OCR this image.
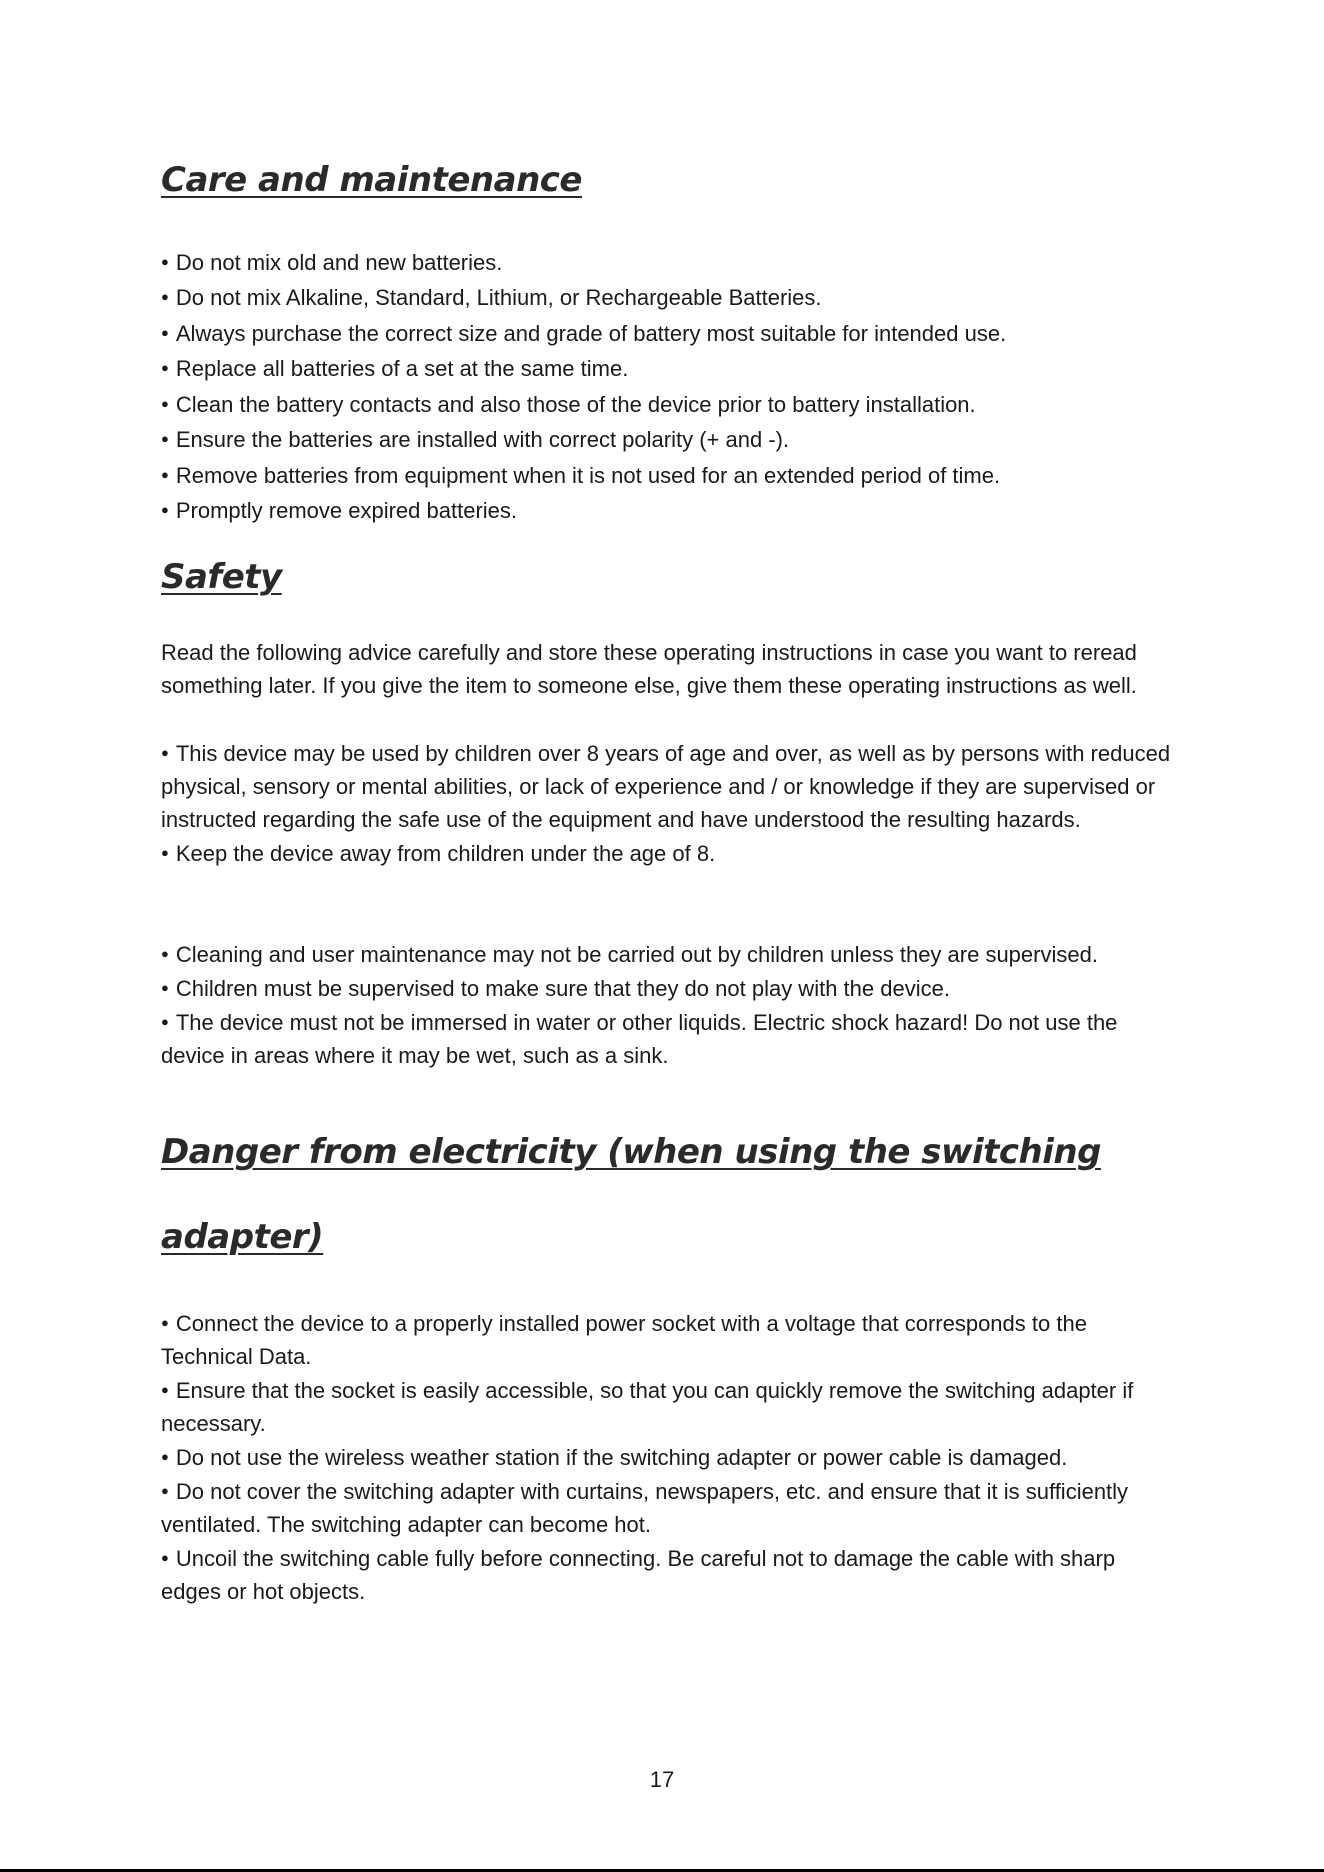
Care and maintenance

● Do not mix old and new batteries.

● Do not mix Alkaline, Standard, Lithium, or Rechargeable Batteries.

● Always purchase the correct size and grade of battery most suitable for intended use.

● Replace all batteries of a set at the same time.

● Clean the battery contacts and also those of the device prior to battery installation.

● Ensure the batteries are installed with correct polarity (+ and -).

● Remove batteries from equipment when it is not used for an extended period of time.

● Promptly remove expired batteries.

Safety

Read the following advice carefully and store these operating instructions in case you want to reread something later. If you give the item to someone else, give them these operating instructions as well.

● This device may be used by children over 8 years of age and over, as well as by persons with reduced physical, sensory or mental abilities, or lack of experience and / or knowledge if they are supervised or instructed regarding the safe use of the equipment and have understood the resulting hazards.

● Keep the device away from children under the age of 8.

● Cleaning and user maintenance may not be carried out by children unless they are supervised.

● Children must be supervised to make sure that they do not play with the device.

● The device must not be immersed in water or other liquids. Electric shock hazard! Do not use the device in areas where it may be wet, such as a sink.

Danger from electricity (when using the switching
adapter)

● Connect the device to a properly installed power socket with a voltage that corresponds to the Technical Data.

● Ensure that the socket is easily accessible, so that you can quickly remove the switching adapter if necessary.

● Do not use the wireless weather station if the switching adapter or power cable is damaged.

● Do not cover the switching adapter with curtains, newspapers, etc. and ensure that it is sufficiently ventilated. The switching adapter can become hot.

● Uncoil the switching cable fully before connecting. Be careful not to damage the cable with sharp edges or hot objects.

17
